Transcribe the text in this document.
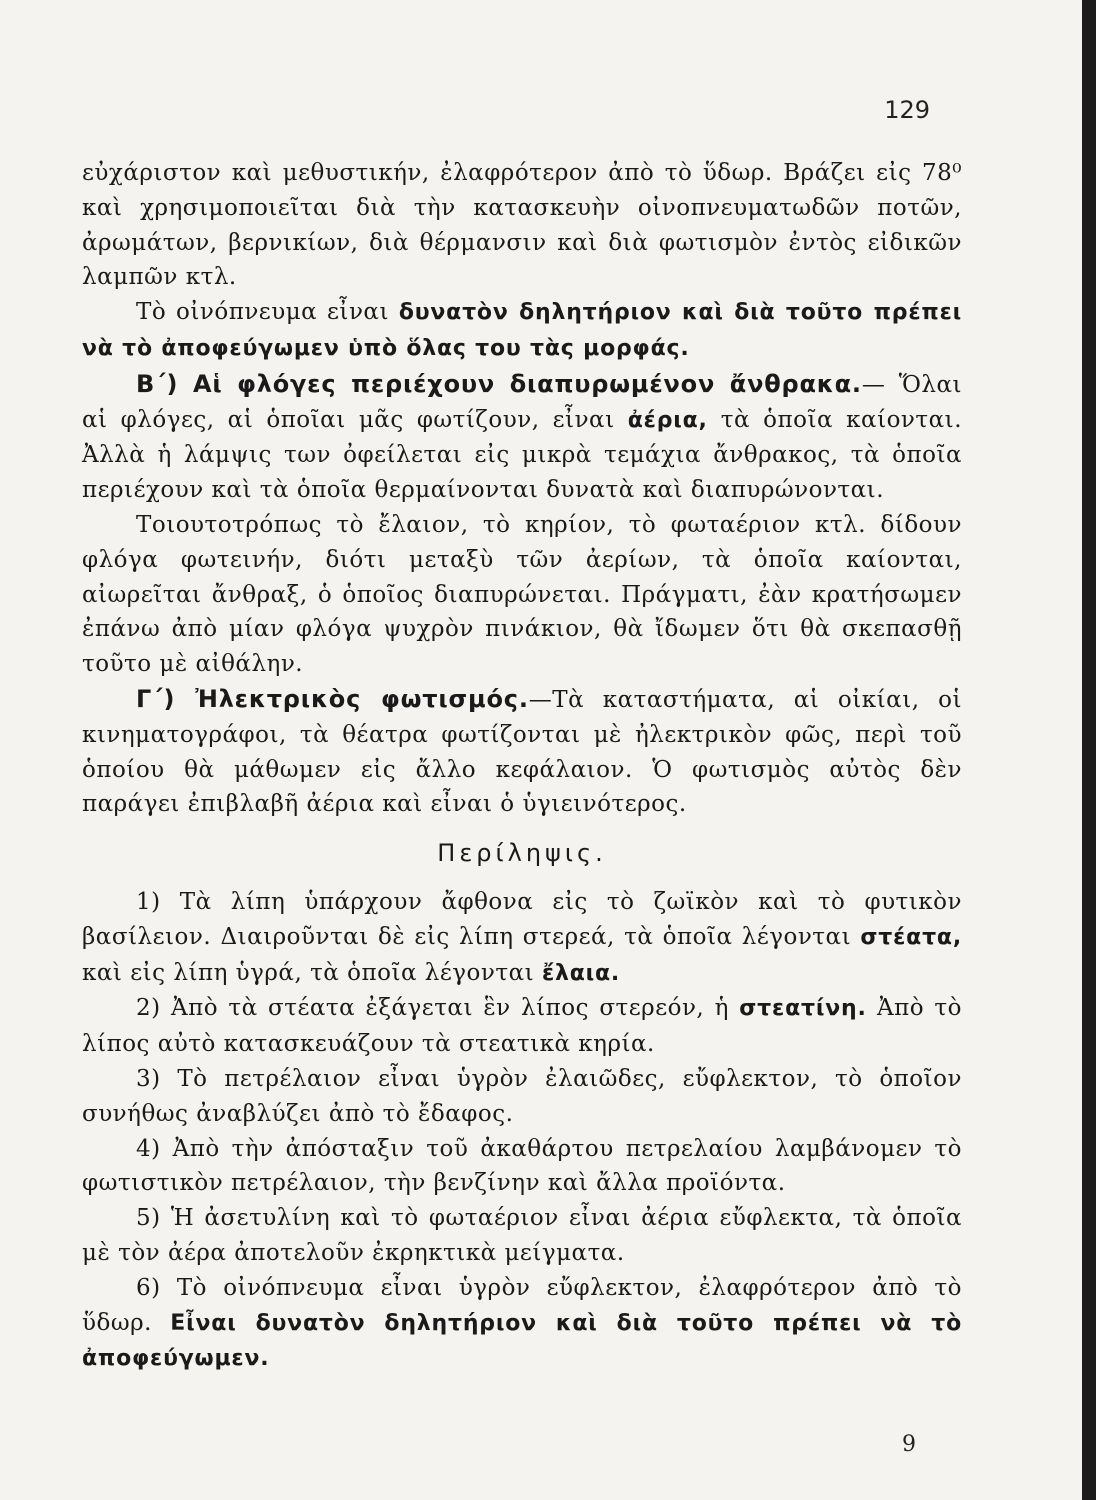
129

εὐχάριστον καὶ μεθυστικήν, ἐλαφρότερον ἀπὸ τὸ ὕδωρ. Βράζει εἰς 78⁰ καὶ χρησιμοποιεῖται διὰ τὴν κατασκευὴν οἰνοπνευματωδῶν ποτῶν, ἀρωμάτων, βερνικίων, διὰ θέρμανσιν καὶ διὰ φωτισμὸν ἐντὸς εἰδικῶν λαμπῶν κτλ.

Τὸ οἰνόπνευμα εἶναι δυνατὸν δηλητήριον καὶ διὰ τοῦτο πρέπει νὰ τὸ ἀποφεύγωμεν ὑπὸ ὅλας του τὰς μορφάς.

Β΄) Αἱ φλόγες περιέχουν διαπυρωμένον ἄνθρακα.— Ὅλαι αἱ φλόγες, αἱ ὁποῖαι μᾶς φωτίζουν, εἶναι ἀέρια, τὰ ὁποῖα καίονται. Ἀλλὰ ἡ λάμψις των ὀφείλεται εἰς μικρὰ τεμάχια ἄνθρακος, τὰ ὁποῖα περιέχουν καὶ τὰ ὁποῖα θερμαίνονται δυνατὰ καὶ διαπυρώνονται.

Τοιουτοτρόπως τὸ ἔλαιον, τὸ κηρίον, τὸ φωταέριον κτλ. δίδουν φλόγα φωτεινήν, διότι μεταξὺ τῶν ἀερίων, τὰ ὁποῖα καίονται, αἰωρεῖται ἄνθραξ, ὁ ὁποῖος διαπυρώνεται. Πράγματι, ἐὰν κρατήσωμεν ἐπάνω ἀπὸ μίαν φλόγα ψυχρὸν πινάκιον, θὰ ἴδωμεν ὅτι θὰ σκεπασθῇ τοῦτο μὲ αἰθάλην.

Γ΄) Ἠλεκτρικὸς φωτισμός.—Τὰ καταστήματα, αἱ οἰκίαι, οἱ κινηματογράφοι, τὰ θέατρα φωτίζονται μὲ ἠλεκτρικὸν φῶς, περὶ τοῦ ὁποίου θὰ μάθωμεν εἰς ἄλλο κεφάλαιον. Ὁ φωτισμὸς αὐτὸς δὲν παράγει ἐπιβλαβῆ ἀέρια καὶ εἶναι ὁ ὑγιεινότερος.

Περίληψις.

1) Τὰ λίπη ὑπάρχουν ἄφθονα εἰς τὸ ζωϊκὸν καὶ τὸ φυτικὸν βασίλειον. Διαιροῦνται δὲ εἰς λίπη στερεά, τὰ ὁποῖα λέγονται στέατα, καὶ εἰς λίπη ὑγρά, τὰ ὁποῖα λέγονται ἔλαια.

2) Ἀπὸ τὰ στέατα ἐξάγεται ἓν λίπος στερεόν, ἡ στεατίνη. Ἀπὸ τὸ λίπος αὐτὸ κατασκευάζουν τὰ στεατικὰ κηρία.

3) Τὸ πετρέλαιον εἶναι ὑγρὸν ἐλαιῶδες, εὔφλεκτον, τὸ ὁποῖον συνήθως ἀναβλύζει ἀπὸ τὸ ἔδαφος.

4) Ἀπὸ τὴν ἀπόσταξιν τοῦ ἀκαθάρτου πετρελαίου λαμβάνομεν τὸ φωτιστικὸν πετρέλαιον, τὴν βενζίνην καὶ ἄλλα προϊόντα.

5) Ἡ ἀσετυλίνη καὶ τὸ φωταέριον εἶναι ἀέρια εὔφλεκτα, τὰ ὁποῖα μὲ τὸν ἀέρα ἀποτελοῦν ἐκρηκτικὰ μείγματα.

6) Τὸ οἰνόπνευμα εἶναι ὑγρὸν εὔφλεκτον, ἐλαφρότερον ἀπὸ τὸ ὕδωρ. Εἶναι δυνατὸν δηλητήριον καὶ διὰ τοῦτο πρέπει νὰ τὸ ἀποφεύγωμεν.

9
